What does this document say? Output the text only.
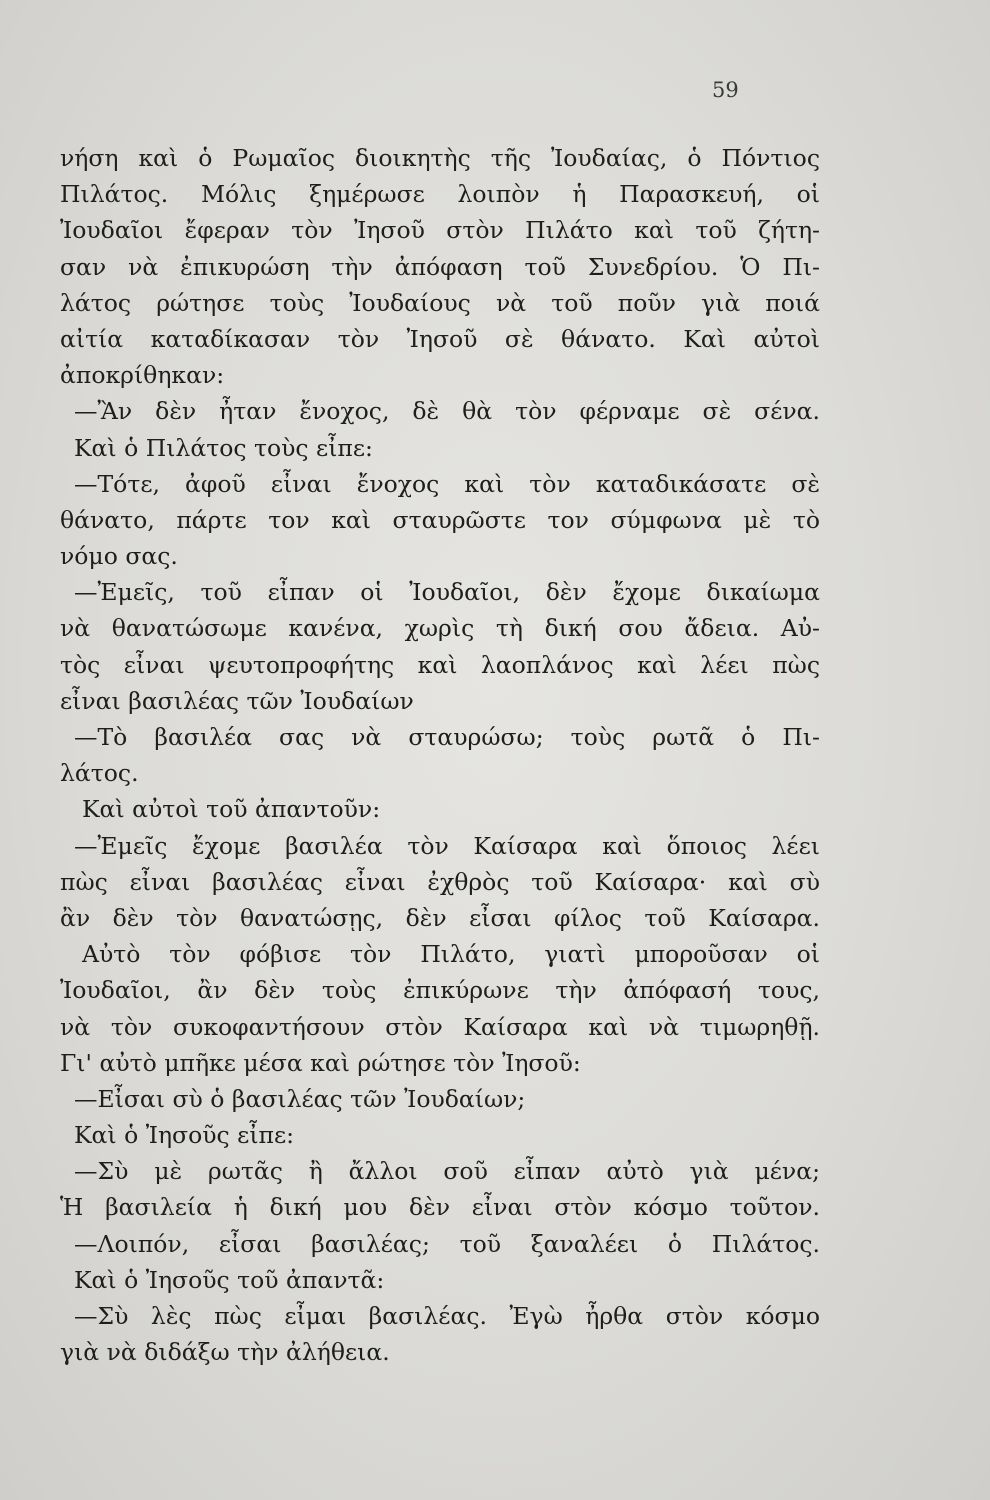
59
νήση καὶ ὁ Ρωμαῖος διοικητὴς τῆς Ἰουδαίας, ὁ Πόντιος
Πιλάτος. Μόλις ξημέρωσε λοιπὸν ἡ Παρασκευή, οἱ
Ἰουδαῖοι ἔφεραν τὸν Ἰησοῦ στὸν Πιλάτο καὶ τοῦ ζήτη-
σαν νὰ ἐπικυρώση τὴν ἀπόφαση τοῦ Συνεδρίου. Ὁ Πι-
λάτος ρώτησε τοὺς Ἰουδαίους νὰ τοῦ ποῦν γιὰ ποιά
αἰτία καταδίκασαν τὸν Ἰησοῦ σὲ θάνατο. Καὶ αὐτοὶ
ἀποκρίθηκαν:
—Ἂν δὲν ἦταν ἔνοχος, δὲ θὰ τὸν φέρναμε σὲ σένα.
Καὶ ὁ Πιλάτος τοὺς εἶπε:
—Τότε, ἀφοῦ εἶναι ἔνοχος καὶ τὸν καταδικάσατε σὲ
θάνατο, πάρτε τον καὶ σταυρῶστε τον σύμφωνα μὲ τὸ
νόμο σας.
—Ἐμεῖς, τοῦ εἶπαν οἱ Ἰουδαῖοι, δὲν ἔχομε δικαίωμα
νὰ θανατώσωμε κανένα, χωρὶς τὴ δική σου ἄδεια. Αὐ-
τὸς εἶναι ψευτοπροφήτης καὶ λαοπλάνος καὶ λέει πὼς
εἶναι βασιλέας τῶν Ἰουδαίων
—Τὸ βασιλέα σας νὰ σταυρώσω; τοὺς ρωτᾶ ὁ Πι-
λάτος.
Καὶ αὐτοὶ τοῦ ἀπαντοῦν:
—Ἐμεῖς ἔχομε βασιλέα τὸν Καίσαρα καὶ ὅποιος λέει
πὼς εἶναι βασιλέας εἶναι ἐχθρὸς τοῦ Καίσαρα· καὶ σὺ
ἂν δὲν τὸν θανατώσῃς, δὲν εἶσαι φίλος τοῦ Καίσαρα.
Αὐτὸ τὸν φόβισε τὸν Πιλάτο, γιατὶ μποροῦσαν οἱ
Ἰουδαῖοι, ἂν δὲν τοὺς ἐπικύρωνε τὴν ἀπόφασή τους,
νὰ τὸν συκοφαντήσουν στὸν Καίσαρα καὶ νὰ τιμωρηθῇ.
Γι' αὐτὸ μπῆκε μέσα καὶ ρώτησε τὸν Ἰησοῦ:
—Εἶσαι σὺ ὁ βασιλέας τῶν Ἰουδαίων;
Καὶ ὁ Ἰησοῦς εἶπε:
—Σὺ μὲ ρωτᾶς ἢ ἄλλοι σοῦ εἶπαν αὐτὸ γιὰ μένα;
Ἡ βασιλεία ἡ δική μου δὲν εἶναι στὸν κόσμο τοῦτον.
—Λοιπόν, εἶσαι βασιλέας; τοῦ ξαναλέει ὁ Πιλάτος.
Καὶ ὁ Ἰησοῦς τοῦ ἀπαντᾶ:
—Σὺ λὲς πὼς εἶμαι βασιλέας. Ἐγὼ ἦρθα στὸν κόσμο
γιὰ νὰ διδάξω τὴν ἀλήθεια.
